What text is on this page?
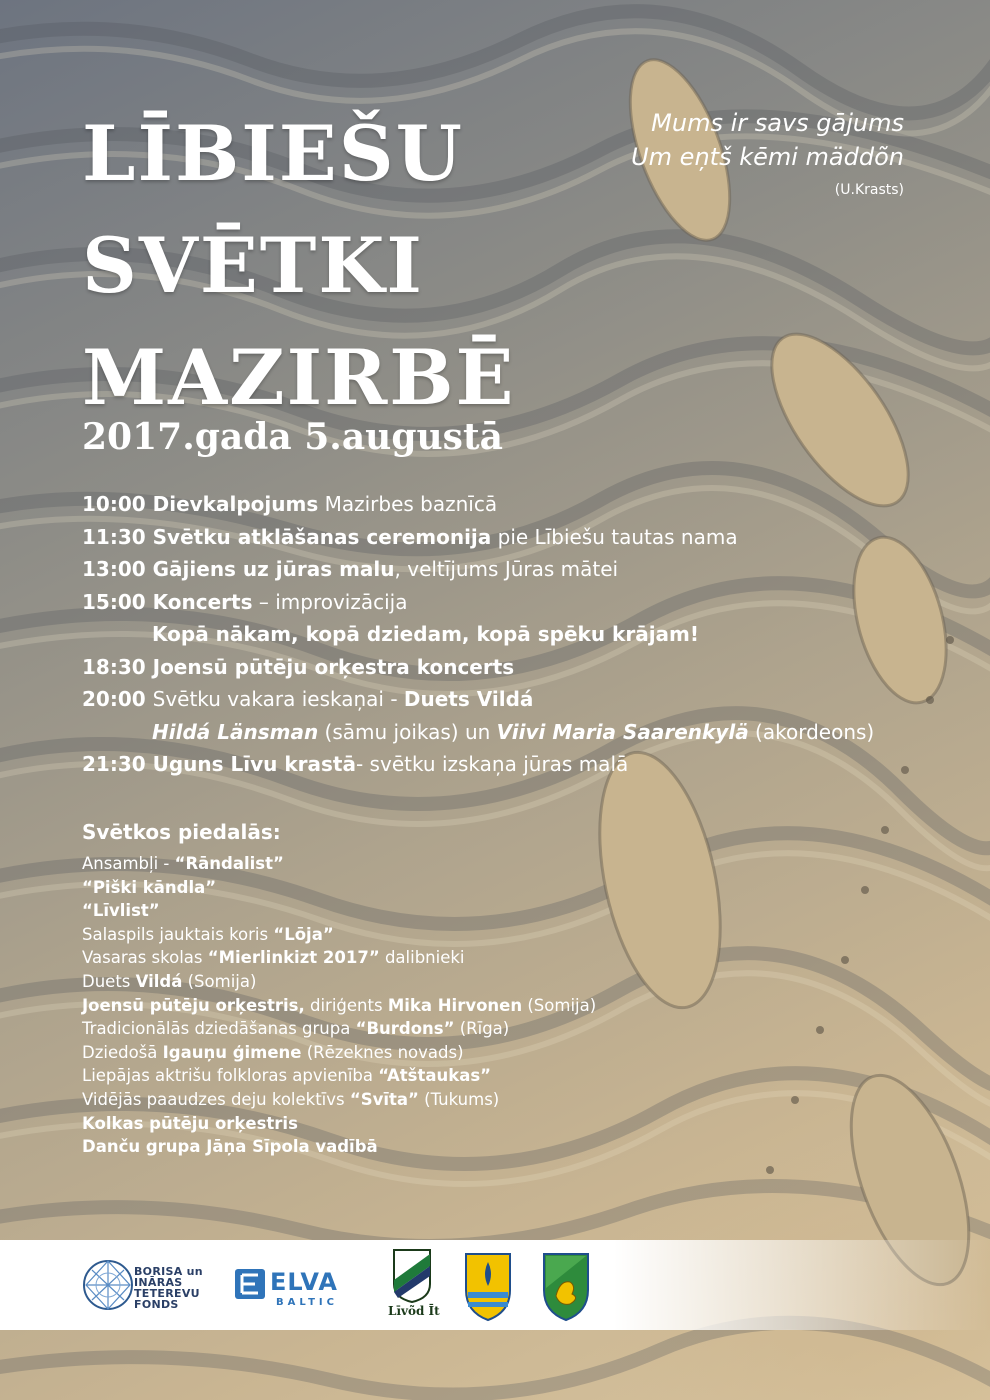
LĪBIEŠU
SVĒTKI
MAZIRBĒ
Mums ir savs gājums
Um eņtš kēmi mäddõn
(U.Krasts)
2017.gada 5.augustā
10:00 Dievkalpojums Mazirbes baznīcā
11:30 Svētku atklāšanas ceremonija pie Lībiešu tautas nama
13:00 Gājiens uz jūras malu, veltījums Jūras mātei
15:00 Koncerts – improvizācija
Kopā nākam, kopā dziedam, kopā spēku krājam!
18:30 Joensū pūtēju orķestra koncerts
20:00 Svētku vakara ieskaņai - Duets Vildá
Hildá Länsman (sāmu joikas) un Viivi Maria Saarenkylä (akordeons)
21:30 Uguns Līvu krastā- svētku izskaņa jūras malā
Svētkos piedalās:
Ansambļi - “Rāndalist”
“Piški kāndla”
“Līvlist”
Salaspils jauktais koris “Lōja”
Vasaras skolas “Mierlinkizt 2017” dalibnieki
Duets Vildá (Somija)
Joensū pūtēju orķestris, diriģents Mika Hirvonen (Somija)
Tradicionālās dziedāšanas grupa “Burdons” (Rīga)
Dziedošā Igauņu ģimene (Rēzeknes novads)
Liepājas aktrišu folkloras apvienība “Atštaukas”
Vidējās paaudzes deju kolektīvs “Svīta” (Tukums)
Kolkas pūtēju orķestris
Danču grupa Jāņa Sīpola vadībā
BORISA un
INĀRAS
TETEREVU
FONDS
ELVA
BALTIC
Līvõd Īt
